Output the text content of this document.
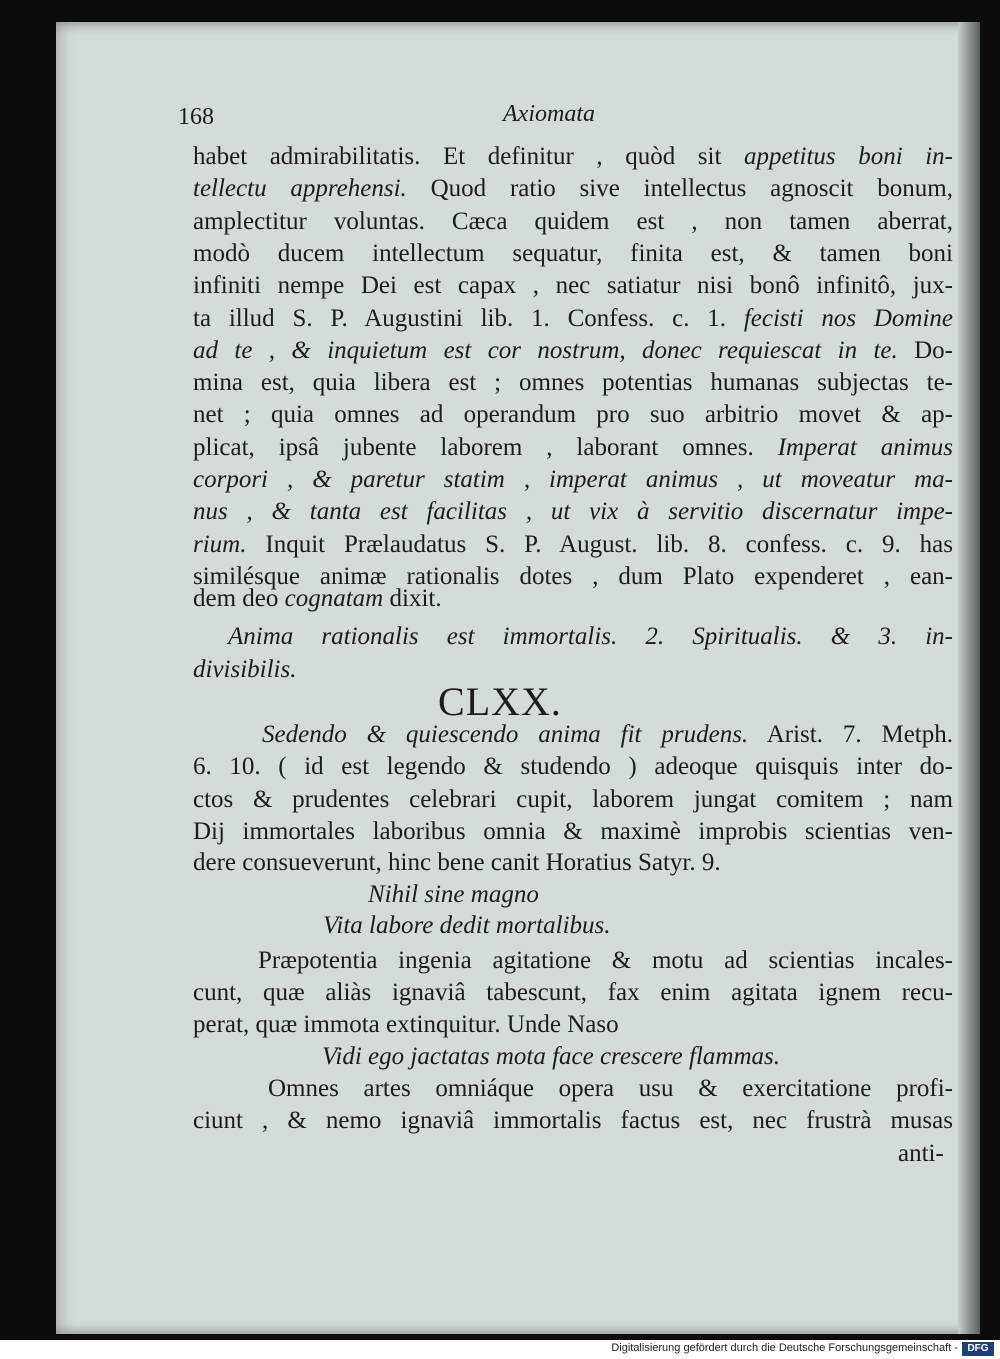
168	Axiomata
habet admirabilitatis. Et definitur , quòd sit appetitus boni in-
tellectu apprehensi. Quod ratio sive intellectus agnoscit bonum,
amplectitur voluntas. Cæca quidem est , non tamen aberrat,
modò ducem intellectum sequatur, finita est, & tamen boni
infiniti nempe Dei est capax , nec satiatur nisi bonô infinitô, jux-
ta illud S. P. Augustini lib. 1. Confess. c. 1. fecisti nos Domine
ad te , & inquietum est cor nostrum, donec requiescat in te. Do-
mina est, quia libera est ; omnes potentias humanas subjectas te-
net ; quia omnes ad operandum pro suo arbitrio movet & ap-
plicat, ipsâ jubente laborem , laborant omnes. Imperat animus
corpori , & paretur statim , imperat animus , ut moveatur ma-
nus , & tanta est facilitas , ut vix à servitio discernatur impe-
rium. Inquit Prælaudatus S. P. August. lib. 8. confess. c. 9. has
similésque animæ rationalis dotes , dum Plato expenderet , ean-
dem deo cognatam dixit.
Anima rationalis est immortalis. 2. Spiritualis. & 3. in-
divisibilis.
CLXX.
Sedendo & quiescendo anima fit prudens. Arist. 7. Metph.
6. 10. ( id est legendo & studendo ) adeoque quisquis inter do-
ctos & prudentes celebrari cupit, laborem jungat comitem ; nam
Dij immortales laboribus omnia & maximè improbis scientias ven-
dere consueverunt, hinc bene canit Horatius Satyr. 9.
Nihil sine magno
Vita labore dedit mortalibus.
Præpotentia ingenia agitatione & motu ad scientias incales-
cunt, quæ aliàs ignaviâ tabescunt, fax enim agitata ignem recu-
perat, quæ immota extinquitur. Unde Naso
Vidi ego jactatas mota face crescere flammas.
Omnes artes omniáque opera usu & exercitatione profi-
ciunt , & nemo ignaviâ immortalis factus est, nec frustrà musas
anti-
Digitalisierung gefördert durch die Deutsche Forschungsgemeinschaft - DFG
